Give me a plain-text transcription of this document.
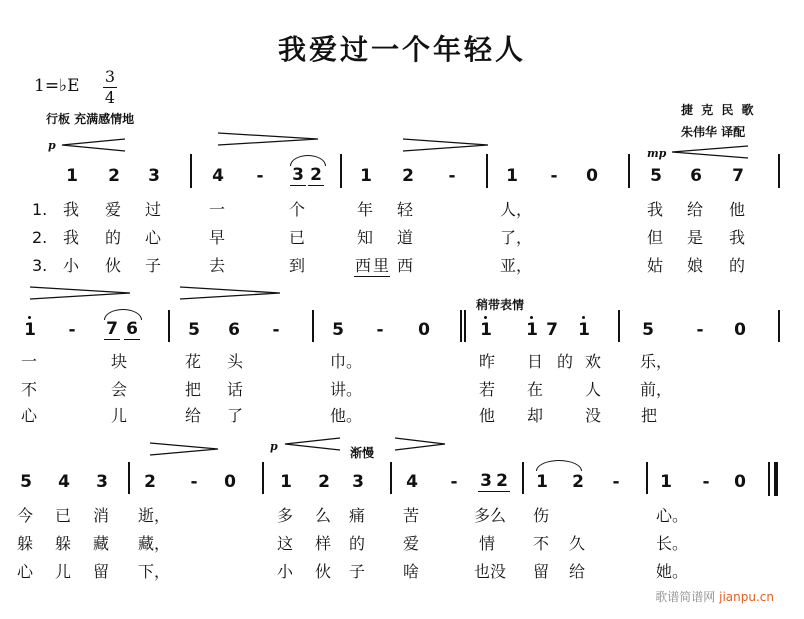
我爱过一个年轻人
1=♭E 3
4
行板 充满感情地
捷 克 民 歌
朱伟华 译配
p
mp
稍带表情
p	渐慢
1 2 3	4 - 3 2 1 2 -	1 - 0	5 6 7
1.
2.
3.
我 爱 过	一	个	年 轻	人，	我 给 他
我 的 心	早	已	知 道	了，	但 是 我
小 伙 子	去	到	西 里 西	亚，	姑 娘 的
1 - 7 6	5 6 -	5 - 0	1 1 7 1	5	- 0
一	块	花 头	巾。	昨 日 的 欢 乐，
不	会	把 话	讲。	若 在	人 前，
心	儿	给 了	他。	他 却	没 把
5 4 3 2 - 0	1 2 3 4 - 3 2 1 2 - 1 - 0
今 已 消 逝，	多 么 痛 苦	多么 伤	心。
躲 躲 藏 藏，	这 样 的 爱	情 不 久	长。
心 儿 留 下，	小 伙 子 啥	也没 留 给	她。
歌谱简谱网 jianpu.cn
